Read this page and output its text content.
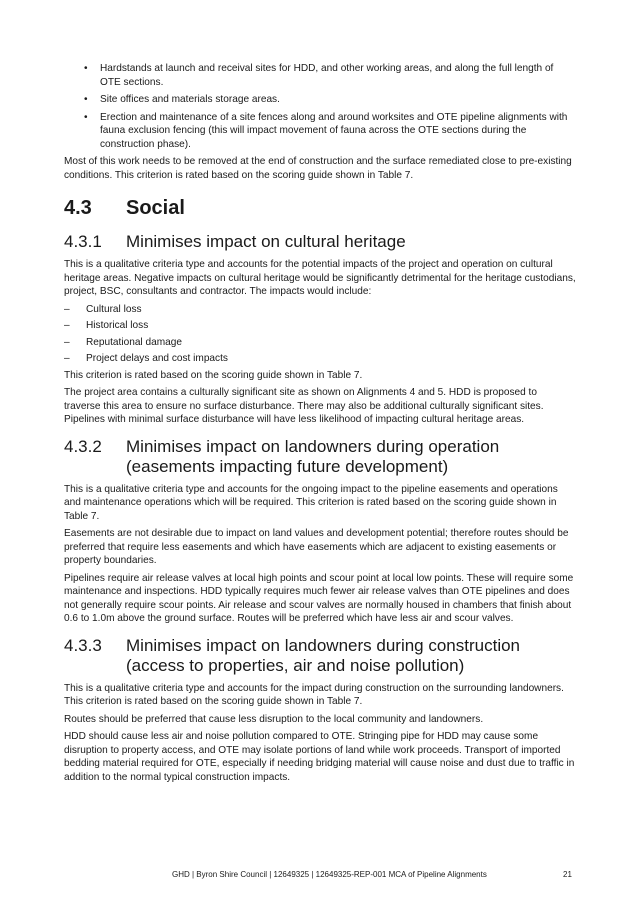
• Hardstands at launch and receival sites for HDD, and other working areas, and along the full length of OTE sections.
• Site offices and materials storage areas.
• Erection and maintenance of a site fences along and around worksites and OTE pipeline alignments with fauna exclusion fencing (this will impact movement of fauna across the OTE sections during the construction phase).

Most of this work needs to be removed at the end of construction and the surface remediated close to pre-existing conditions. This criterion is rated based on the scoring guide shown in Table 7.

4.3	Social
4.3.1	Minimises impact on cultural heritage

This is a qualitative criteria type and accounts for the potential impacts of the project and operation on cultural heritage areas. Negative impacts on cultural heritage would be significantly detrimental for the heritage custodians, project, BSC, consultants and contractor. The impacts would include:

– Cultural loss
– Historical loss
– Reputational damage
– Project delays and cost impacts

This criterion is rated based on the scoring guide shown in Table 7.

The project area contains a culturally significant site as shown on Alignments 4 and 5. HDD is proposed to traverse this area to ensure no surface disturbance. There may also be additional culturally significant sites. Pipelines with minimal surface disturbance will have less likelihood of impacting cultural heritage areas.

4.3.2	Minimises impact on landowners during operation (easements impacting future development)

This is a qualitative criteria type and accounts for the ongoing impact to the pipeline easements and operations and maintenance operations which will be required. This criterion is rated based on the scoring guide shown in Table 7.

Easements are not desirable due to impact on land values and development potential; therefore routes should be preferred that require less easements and which have easements which are adjacent to existing easements or property boundaries.

Pipelines require air release valves at local high points and scour point at local low points. These will require some maintenance and inspections. HDD typically requires much fewer air release valves than OTE pipelines and does not generally require scour points. Air release and scour valves are normally housed in chambers that finish about 0.6 to 1.0m above the ground surface. Routes will be preferred which have less air and scour valves.

4.3.3	Minimises impact on landowners during construction (access to properties, air and noise pollution)

This is a qualitative criteria type and accounts for the impact during construction on the surrounding landowners. This criterion is rated based on the scoring guide shown in Table 7.

Routes should be preferred that cause less disruption to the local community and landowners.

HDD should cause less air and noise pollution compared to OTE. Stringing pipe for HDD may cause some disruption to property access, and OTE may isolate portions of land while work proceeds. Transport of imported bedding material required for OTE, especially if needing bridging material will cause noise and dust due to traffic in addition to the normal typical construction impacts.

GHD | Byron Shire Council | 12649325 | 12649325-REP-001 MCA of Pipeline Alignments	21
